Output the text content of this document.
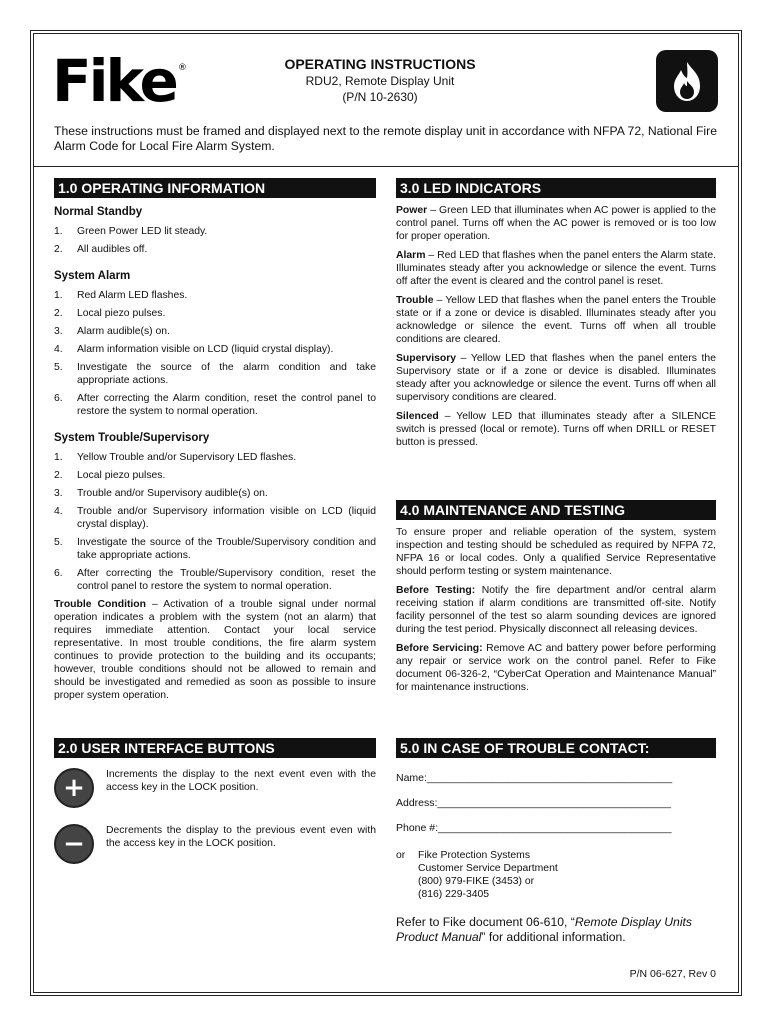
Fike ®	OPERATING INSTRUCTIONS
RDU2, Remote Display Unit
(P/N 10-2630)
These instructions must be framed and displayed next to the remote display unit in accordance with NFPA 72, National Fire Alarm Code for Local Fire Alarm System.
1.0 OPERATING INFORMATION
Normal Standby
1. Green Power LED lit steady.
2. All audibles off.
System Alarm
1. Red Alarm LED flashes.
2. Local piezo pulses.
3. Alarm audible(s) on.
4. Alarm information visible on LCD (liquid crystal display).
5. Investigate the source of the alarm condition and take appropriate actions.
6. After correcting the Alarm condition, reset the control panel to restore the system to normal operation.
System Trouble/Supervisory
1. Yellow Trouble and/or Supervisory LED flashes.
2. Local piezo pulses.
3. Trouble and/or Supervisory audible(s) on.
4. Trouble and/or Supervisory information visible on LCD (liquid crystal display).
5. Investigate the source of the Trouble/Supervisory condition and take appropriate actions.
6. After correcting the Trouble/Supervisory condition, reset the control panel to restore the system to normal operation.

Trouble Condition – Activation of a trouble signal under normal operation indicates a problem with the system (not an alarm) that requires immediate attention. Contact your local service representative. In most trouble conditions, the fire alarm system continues to provide protection to the building and its occupants; however, trouble conditions should not be allowed to remain and should be investigated and remedied as soon as possible to insure proper system operation.

2.0 USER INTERFACE BUTTONS
+ Increments the display to the next event even with the access key in the LOCK position.
− Decrements the display to the previous event even with the access key in the LOCK position.
3.0 LED INDICATORS

Power – Green LED that illuminates when AC power is applied to the control panel. Turns off when the AC power is removed or is too low for proper operation.

Alarm – Red LED that flashes when the panel enters the Alarm state. Illuminates steady after you acknowledge or silence the event. Turns off after the event is cleared and the control panel is reset.

Trouble – Yellow LED that flashes when the panel enters the Trouble state or if a zone or device is disabled. Illuminates steady after you acknowledge or silence the event. Turns off when all trouble conditions are cleared.

Supervisory – Yellow LED that flashes when the panel enters the Supervisory state or if a zone or device is disabled. Illuminates steady after you acknowledge or silence the event. Turns off when all supervisory conditions are cleared.

Silenced – Yellow LED that illuminates steady after a SILENCE switch is pressed (local or remote). Turns off when DRILL or RESET button is pressed.

4.0 MAINTENANCE AND TESTING

To ensure proper and reliable operation of the system, system inspection and testing should be scheduled as required by NFPA 72, NFPA 16 or local codes. Only a qualified Service Representative should perform testing or system maintenance.

Before Testing: Notify the fire department and/or central alarm receiving station if alarm conditions are transmitted off-site. Notify facility personnel of the test so alarm sounding devices are ignored during the test period. Physically disconnect all releasing devices.

Before Servicing: Remove AC and battery power before performing any repair or service work on the control panel. Refer to Fike document 06-326-2, “CyberCat Operation and Maintenance Manual” for maintenance instructions.

5.0 IN CASE OF TROUBLE CONTACT:
Name:__________________________________________
Address:________________________________________
Phone #:________________________________________
or	Fike Protection Systems
Customer Service Department
(800) 979-FIKE (3453) or
(816) 229-3405
Refer to Fike document 06-610, “Remote Display Units Product Manual” for additional information.
P/N 06-627, Rev 0
